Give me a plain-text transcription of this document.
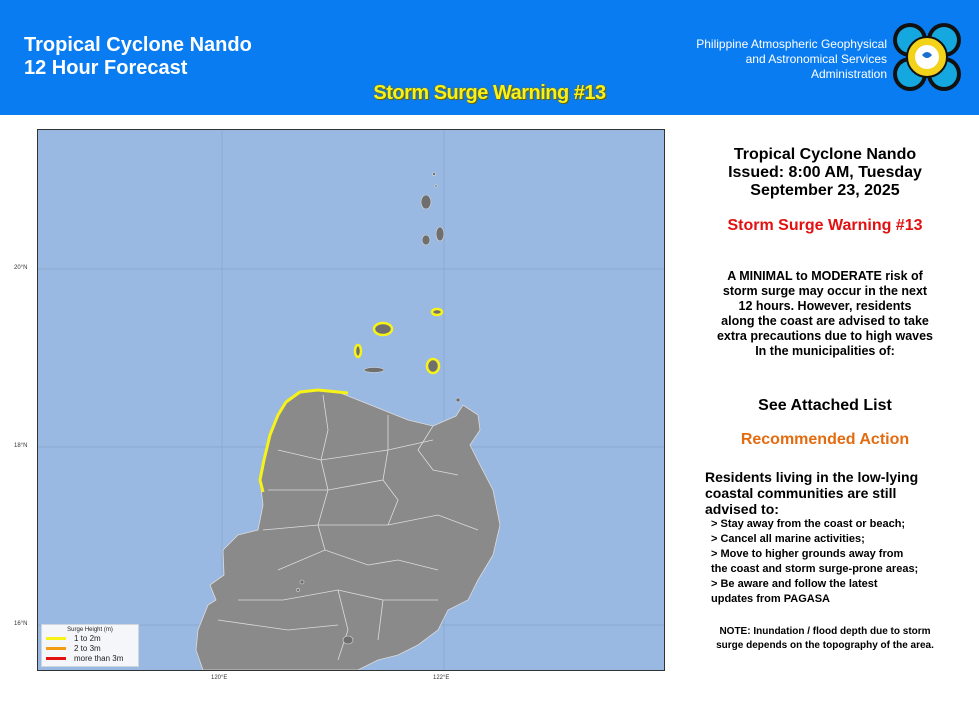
Tropical Cyclone Nando
12 Hour Forecast
Storm Surge Warning #13
Philippine Atmospheric Geophysical
and Astronomical Services
Administration
20°N
18°N
16°N
120°E	122°E
Surge Height (m)
1 to 2m
2 to 3m
more than 3m
Tropical Cyclone Nando
Issued: 8:00 AM, Tuesday
September 23, 2025
Storm Surge Warning #13
A MINIMAL to MODERATE risk of
storm surge may occur in the next
12 hours. However, residents
along the coast are advised to take
extra precautions due to high waves
In the municipalities of:
See Attached List
Recommended Action
Residents living in the low-lying
coastal communities are still
advised to:
> Stay away from the coast or beach;
> Cancel all marine activities;
> Move to higher grounds away from
the coast and storm surge-prone areas;
> Be aware and follow the latest
updates from PAGASA
NOTE: Inundation / flood depth due to storm
surge depends on the topography of the area.
